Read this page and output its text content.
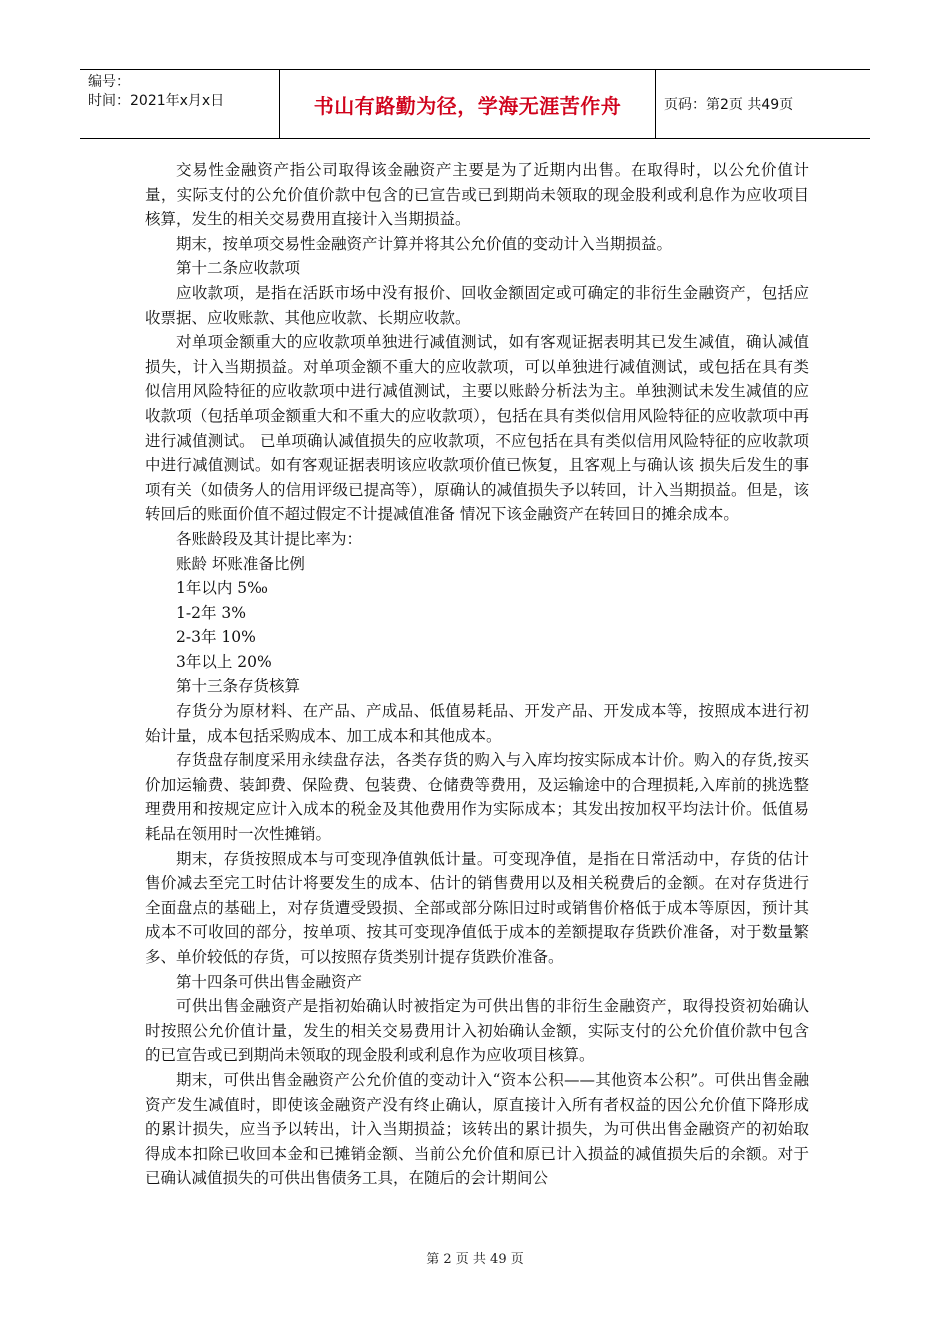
编号：
时间：2021年x月x日	书山有路勤为径，学海无涯苦作舟	页码：第2页 共49页

交易性金融资产指公司取得该金融资产主要是为了近期内出售。在取得时，以公允价值计量，实际支付的公允价值价款中包含的已宣告或已到期尚未领取的现金股利或利息作为应收项目核算，发生的相关交易费用直接计入当期损益。

期末，按单项交易性金融资产计算并将其公允价值的变动计入当期损益。

第十二条应收款项

应收款项，是指在活跃市场中没有报价、回收金额固定或可确定的非衍生金融资产，包括应收票据、应收账款、其他应收款、长期应收款。

对单项金额重大的应收款项单独进行减值测试，如有客观证据表明其已发生减值，确认减值损失，计入当期损益。对单项金额不重大的应收款项，可以单独进行减值测试，或包括在具有类似信用风险特征的应收款项中进行减值测试，主要以账龄分析法为主。单独测试未发生减值的应收款项（包括单项金额重大和不重大的应收款项），包括在具有类似信用风险特征的应收款项中再进行减值测试。 已单项确认减值损失的应收款项，不应包括在具有类似信用风险特征的应收款项 中进行减值测试。如有客观证据表明该应收款项价值已恢复，且客观上与确认该 损失后发生的事项有关（如债务人的信用评级已提高等），原确认的减值损失予以转回，计入当期损益。但是，该转回后的账面价值不超过假定不计提减值准备 情况下该金融资产在转回日的摊余成本。

各账龄段及其计提比率为：

账龄 坏账准备比例

1年以内 5‰

1-2年 3%

2-3年 10%

3年以上 20%

第十三条存货核算

存货分为原材料、在产品、产成品、低值易耗品、开发产品、开发成本等，按照成本进行初始计量，成本包括采购成本、加工成本和其他成本。

存货盘存制度采用永续盘存法，各类存货的购入与入库均按实际成本计价。购入的存货,按买价加运输费、装卸费、保险费、包装费、仓储费等费用，及运输途中的合理损耗,入库前的挑选整理费用和按规定应计入成本的税金及其他费用作为实际成本；其发出按加权平均法计价。低值易耗品在领用时一次性摊销。

期末，存货按照成本与可变现净值孰低计量。可变现净值，是指在日常活动中，存货的估计售价减去至完工时估计将要发生的成本、估计的销售费用以及相关税费后的金额。在对存货进行全面盘点的基础上，对存货遭受毁损、全部或部分陈旧过时或销售价格低于成本等原因，预计其成本不可收回的部分，按单项、按其可变现净值低于成本的差额提取存货跌价准备，对于数量繁多、单价较低的存货，可以按照存货类别计提存货跌价准备。

第十四条可供出售金融资产

可供出售金融资产是指初始确认时被指定为可供出售的非衍生金融资产，取得投资初始确认时按照公允价值计量，发生的相关交易费用计入初始确认金额，实际支付的公允价值价款中包含的已宣告或已到期尚未领取的现金股利或利息作为应收项目核算。

期末，可供出售金融资产公允价值的变动计入“资本公积——其他资本公积”。可供出售金融资产发生减值时，即使该金融资产没有终止确认，原直接计入所有者权益的因公允价值下降形成的累计损失，应当予以转出，计入当期损益；该转出的累计损失，为可供出售金融资产的初始取得成本扣除已收回本金和已摊销金额、当前公允价值和原已计入损益的减值损失后的余额。对于已确认减值损失的可供出售债务工具，在随后的会计期间公

第 2 页 共 49 页
